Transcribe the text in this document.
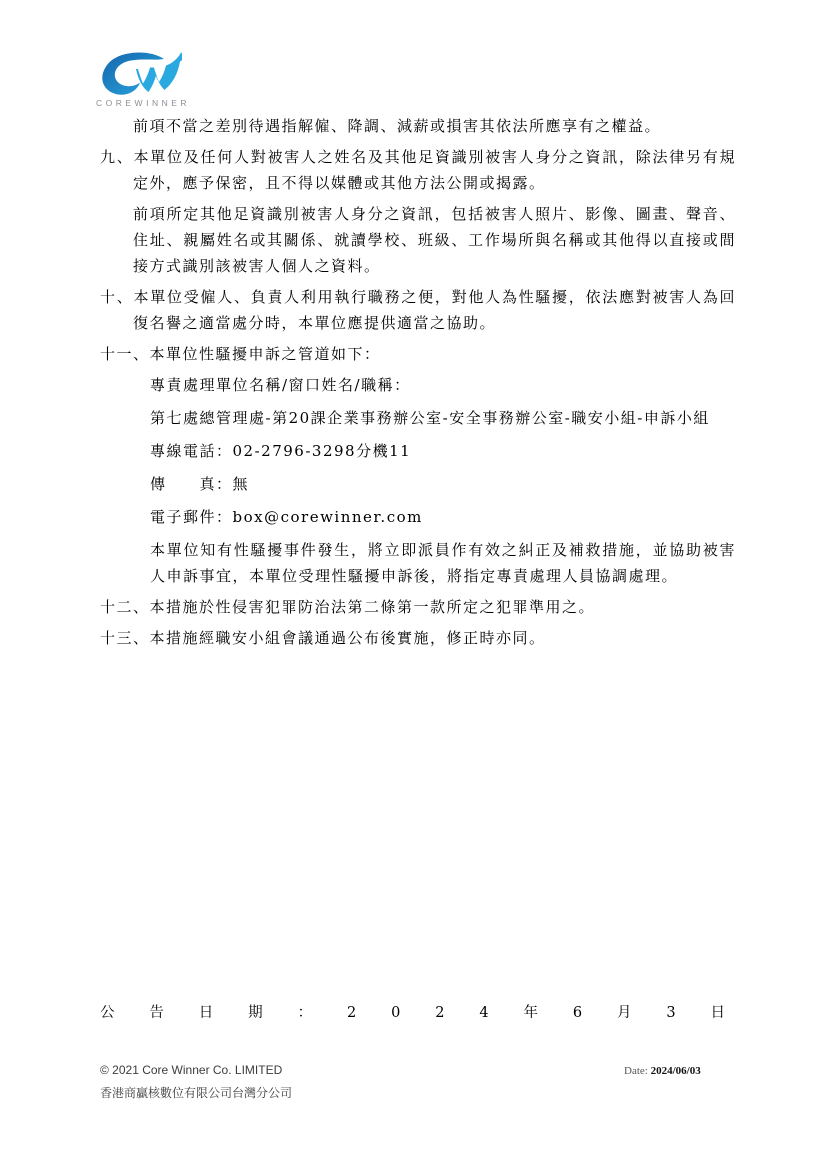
COREWINNER

前項不當之差別待遇指解僱、降調、減薪或損害其依法所應享有之權益。

九、本單位及任何人對被害人之姓名及其他足資識別被害人身分之資訊，除法律另有規定外，應予保密，且不得以媒體或其他方法公開或揭露。

前項所定其他足資識別被害人身分之資訊，包括被害人照片、影像、圖畫、聲音、住址、親屬姓名或其關係、就讀學校、班級、工作場所與名稱或其他得以直接或間接方式識別該被害人個人之資料。

十、本單位受僱人、負責人利用執行職務之便，對他人為性騷擾，依法應對被害人為回復名譽之適當處分時，本單位應提供適當之協助。

十一、本單位性騷擾申訴之管道如下：

專責處理單位名稱/窗口姓名/職稱：

第七處總管理處-第20課企業事務辦公室-安全事務辦公室-職安小組-申訴小組

專線電話：02-2796-3298分機11

傳　　真：無

電子郵件：box@corewinner.com

本單位知有性騷擾事件發生，將立即派員作有效之糾正及補救措施，並協助被害人申訴事宜，本單位受理性騷擾申訴後，將指定專責處理人員協調處理。

十二、本措施於性侵害犯罪防治法第二條第一款所定之犯罪準用之。

十三、本措施經職安小組會議通過公布後實施，修正時亦同。

公 告 日 期 ： 2 0 2 4 年 6 月 3 日
© 2021 Core Winner Co. LIMITED
香港商贏核數位有限公司台灣分公司
Date: 2024/06/03
